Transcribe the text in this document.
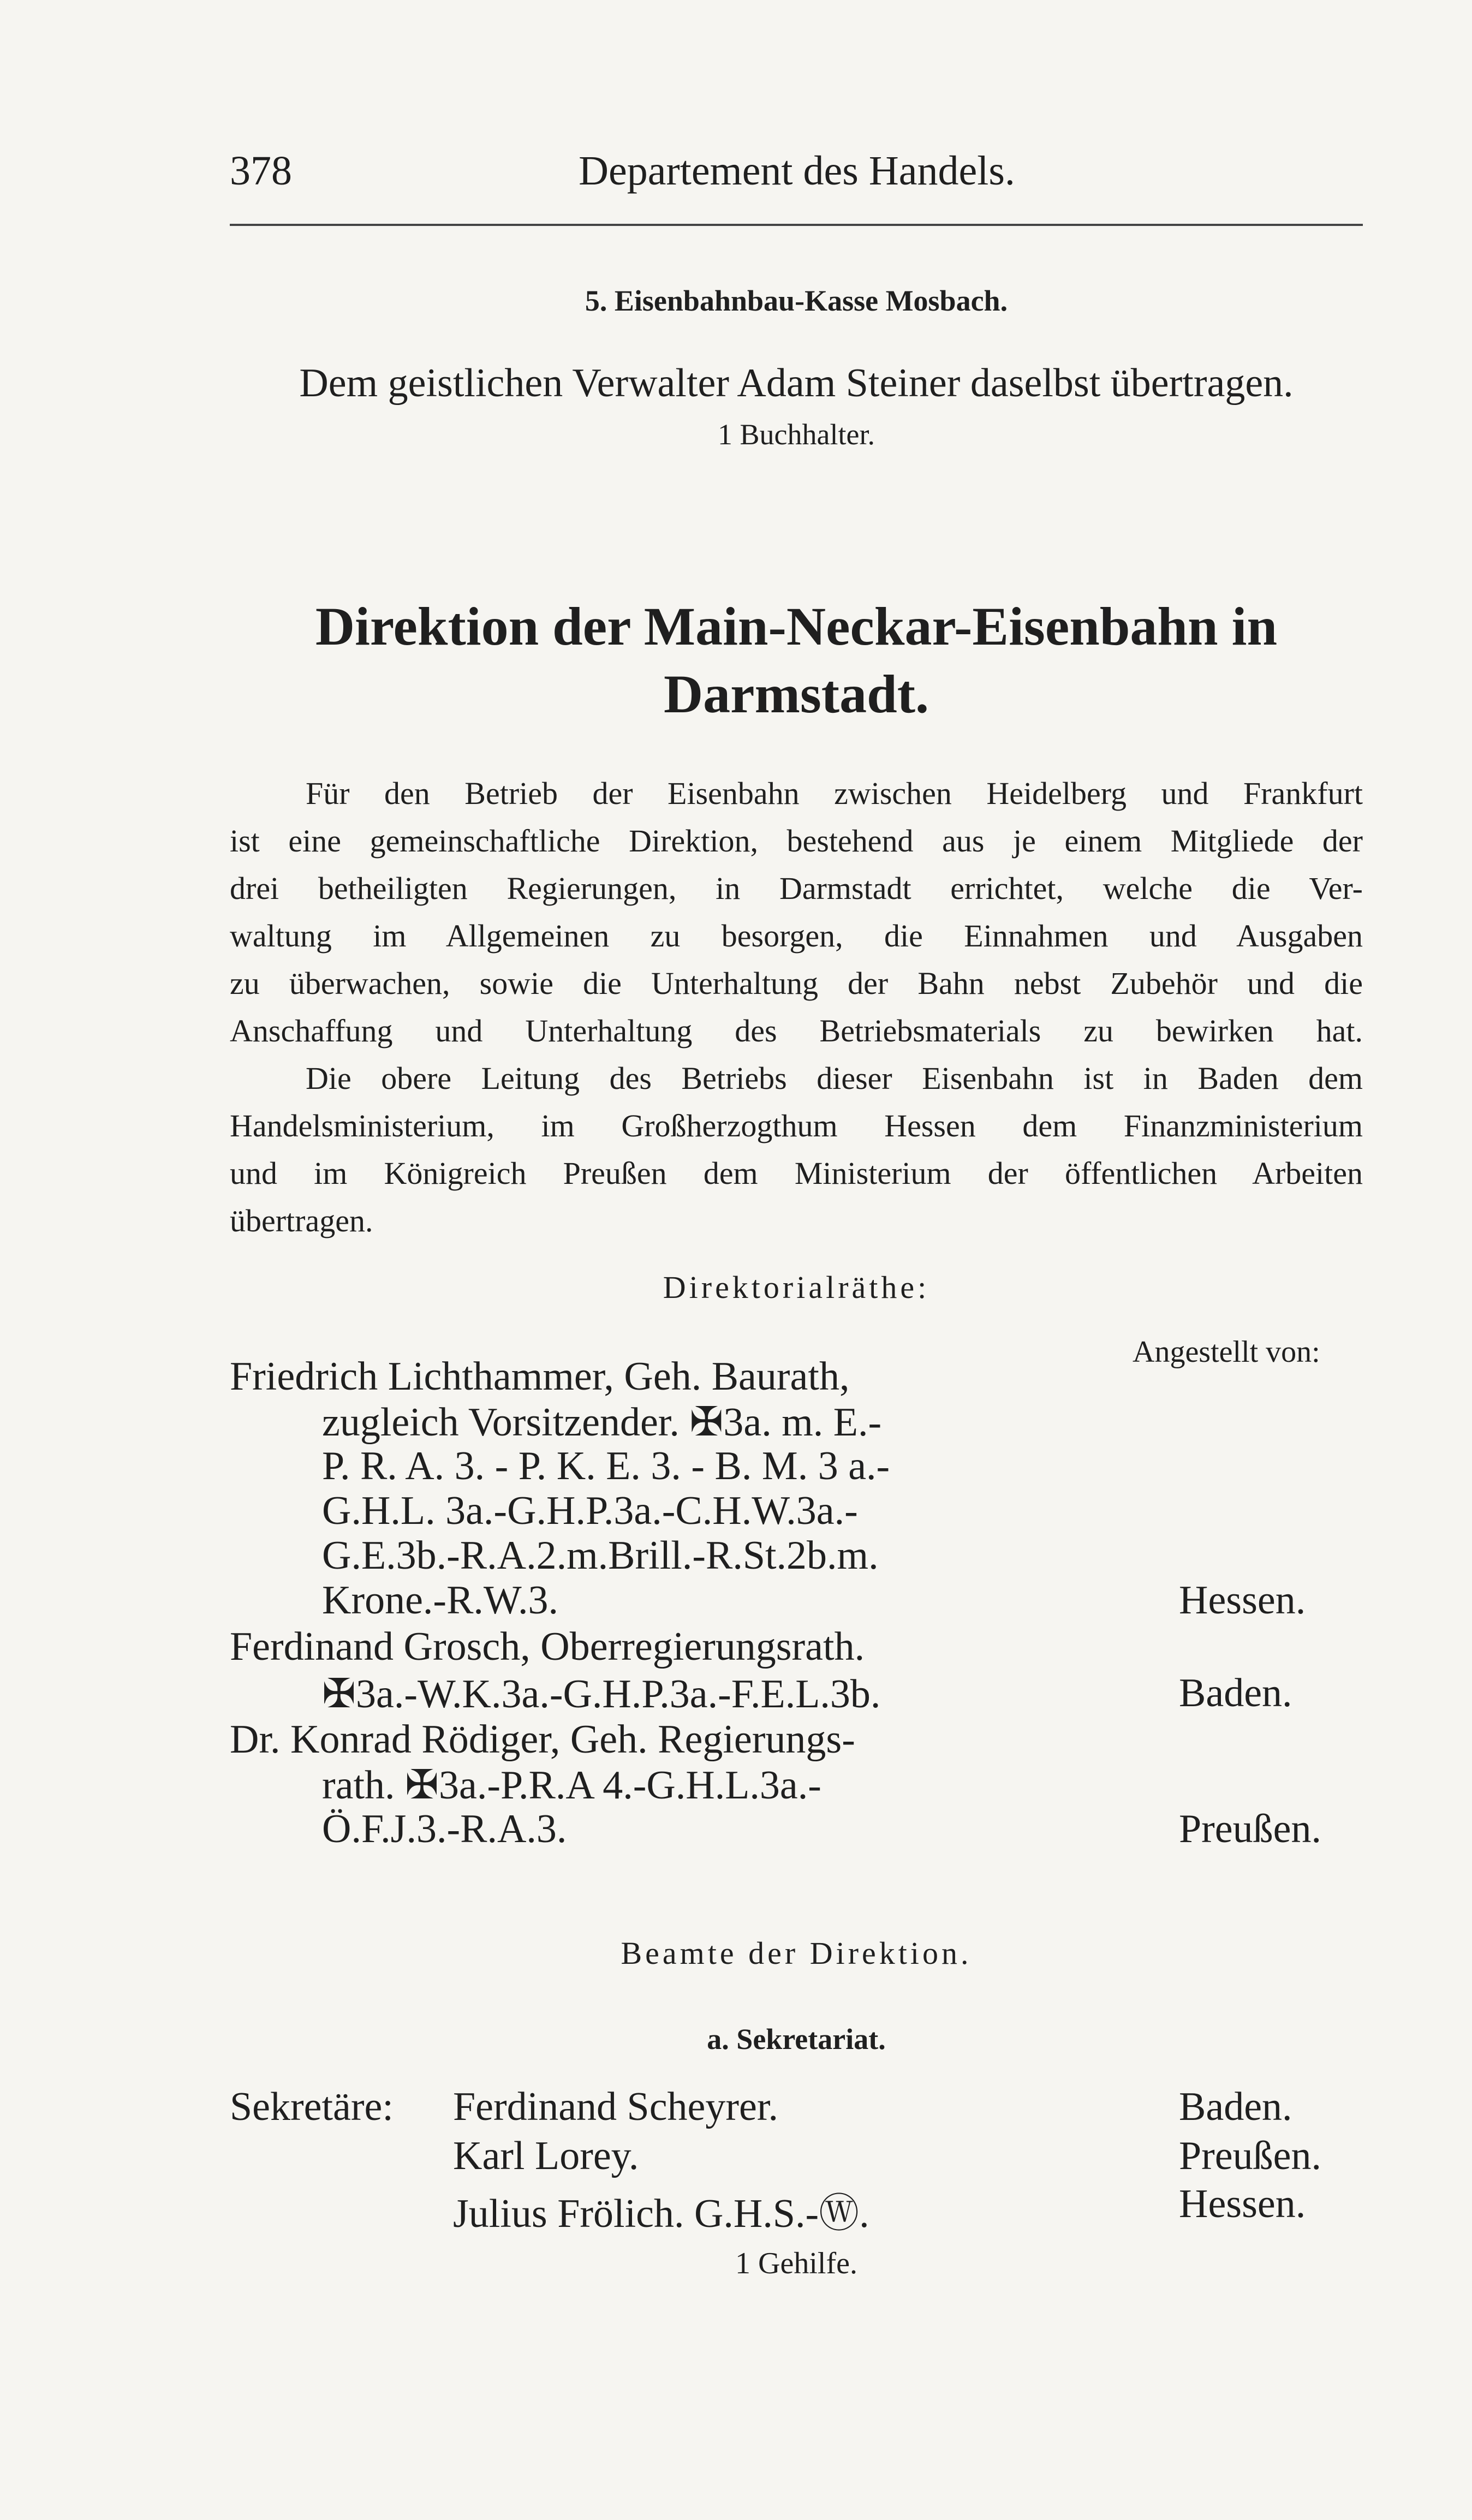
378	Departement des Handels.
5. Eisenbahnbau-Kasse Mosbach.
Dem geistlichen Verwalter Adam Steiner daselbst übertragen.
1 Buchhalter.
Direktion der Main-Neckar-Eisenbahn in
Darmstadt.
Für den Betrieb der Eisenbahn zwischen Heidelberg und Frankfurt
ist eine gemeinschaftliche Direktion, bestehend aus je einem Mitgliede der
drei betheiligten Regierungen, in Darmstadt errichtet, welche die Ver-
waltung im Allgemeinen zu besorgen, die Einnahmen und Ausgaben
zu überwachen, sowie die Unterhaltung der Bahn nebst Zubehör und die
Anschaffung und Unterhaltung des Betriebsmaterials zu bewirken hat.
Die obere Leitung des Betriebs dieser Eisenbahn ist in Baden dem
Handelsministerium, im Großherzogthum Hessen dem Finanzministerium
und im Königreich Preußen dem Ministerium der öffentlichen Arbeiten
übertragen.
Direktorialräthe:
Angestellt von:
Friedrich Lichthammer, Geh. Baurath,
zugleich Vorsitzender. ✠3a. m. E.-
P. R. A. 3. - P. K. E. 3. - B. M. 3 a.-
G.H.L. 3a.-G.H.P.3a.-C.H.W.3a.-
G.E.3b.-R.A.2.m.Brill.-R.St.2b.m.
Krone.-R.W.3.	Hessen.
Ferdinand Grosch, Oberregierungsrath.
✠3a.-W.K.3a.-G.H.P.3a.-F.E.L.3b.	Baden.
Dr. Konrad Rödiger, Geh. Regierungs-
rath. ✠3a.-P.R.A 4.-G.H.L.3a.-
Ö.F.J.3.-R.A.3.	Preußen.
Beamte der Direktion.
a. Sekretariat.
Sekretäre: Ferdinand Scheyrer.	Baden.
Karl Lorey.	Preußen.
Julius Frölich. G.H.S.-Ⓦ.	Hessen.
1 Gehilfe.
